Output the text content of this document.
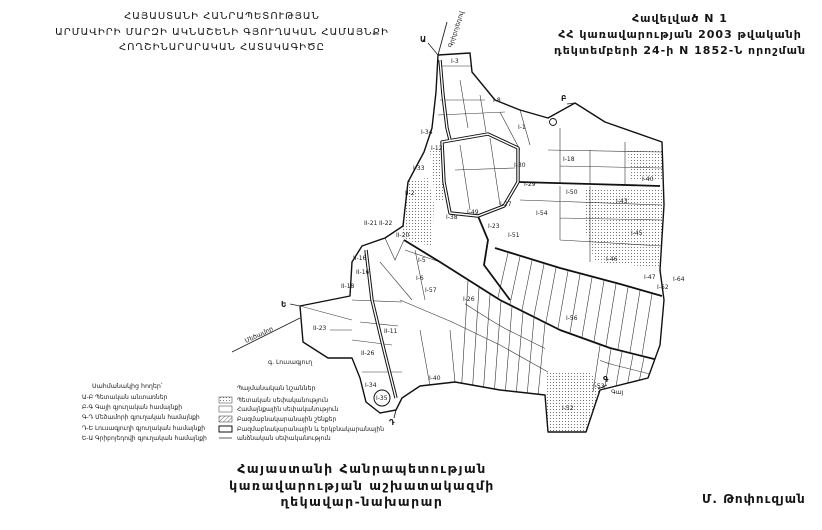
Ա
Բ
Գ
Դ
Ե
Գրիբոյեդով
Մեծամոր
գ. Լուսագյուղ
Գայ
I-3
I-8
I-1
I-34
I-12
I-33	I-30
I-18
I-40
I-29
I-50
I-43
I-27
I-23
I-38
I-49	I-54
I-45
I-51
I-46
I-47	I-64
I-62
I-5
I-6
I-57
I-26
I-56
I-53
I-52
I-40
I-34
I-35
II-2
II-21 II-22
II-20
II-16
II-16
II-18
II-23	II-11
II-26
Սահմանակից հողեր՝
Ա-Բ Պետական անտառներ
Բ-Գ Գայի գյուղական համայնքի
Գ-Դ Մեծամորի գյուղական համայնքի
Դ-Ե Լուսագյուղի գյուղական համայնքի
Ե-Ա Գրիբոյեդովի գյուղական համայնքի
Պայմանական նշաններ
Պետական սեփականություն
Համայնքային սեփականություն
Բազմաբնակարանային շենքեր
Բազմաբնակարանային և երկբնակարանային
անձնական սեփականություն
ՀԱՅԱՍՏԱՆԻ ՀԱՆՐԱՊԵՏՈՒԹՅԱՆ
ԱՐՄԱՎԻՐԻ ՄԱՐԶԻ ԱԿՆԱՇԵՆԻ ԳՅՈՒՂԱԿԱՆ ՀԱՄԱՅՆՔԻ
ՀՈՂՇԻՆԱՐԱՐԱԿԱՆ ՀԱՏԱԿԱԳԻԾԸ
Հավելված N 1
ՀՀ կառավարության 2003 թվականի
դեկտեմբերի 24-ի N 1852-Ն որոշման
Հայաստանի Հանրապետության
կառավարության աշխատակազմի
ղեկավար-նախարար	Մ. Թոփուզյան
